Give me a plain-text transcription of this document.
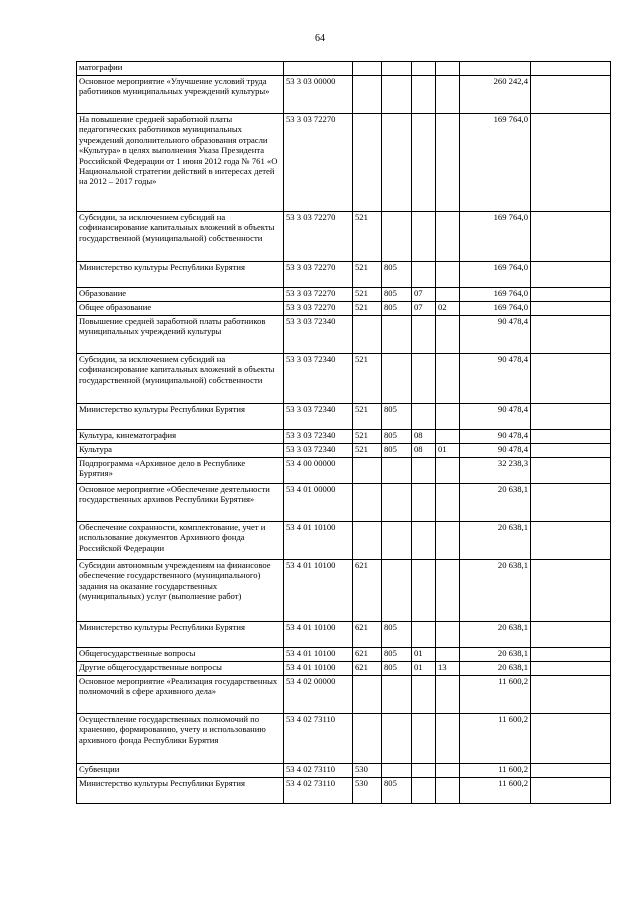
64
матографии							
Основное мероприятие «Улучшение условий труда работников муниципальных учреждений культуры»	53 3 03 00000					260 242,4	
На повышение средней заработной платы педагогических работников муниципальных учреждений дополнительного образования отрасли «Культура» в целях выполнения Указа Президента Российской Федерации от 1 июня 2012 года № 761 «О Национальной стратегии действий в интересах детей на 2012 – 2017 годы»	53 3 03 72270					169 764,0	
Субсидии, за исключением субсидий на софинансирование капитальных вложений в объекты государственной (муниципальной) собственности	53 3 03 72270	521				169 764,0	
Министерство культуры Республики Бурятия	53 3 03 72270	521	805			169 764,0	
Образование	53 3 03 72270	521	805	07		169 764,0	
Общее образование	53 3 03 72270	521	805	07	02	169 764,0	
Повышение средней заработной платы работников муниципальных учреждений культуры	53 3 03 72340					90 478,4	
Субсидии, за исключением субсидий на софинансирование капитальных вложений в объекты государственной (муниципальной) собственности	53 3 03 72340	521				90 478,4	
Министерство культуры Республики Бурятия	53 3 03 72340	521	805			90 478,4	
Культура, кинематография	53 3 03 72340	521	805	08		90 478,4	
Культура	53 3 03 72340	521	805	08	01	90 478,4	
Подпрограмма «Архивное дело в Республике Бурятия»	53 4 00 00000					32 238,3	
Основное мероприятие «Обеспечение деятельности государственных архивов Республики Бурятия»	53 4 01 00000					20 638,1	
Обеспечение сохранности, комплектование, учет и использование документов Архивного фонда Российской Федерации	53 4 01 10100					20 638,1	
Субсидии автономным учреждениям на финансовое обеспечение государственного (муниципального) задания на оказание государственных (муниципальных) услуг (выполнение работ)	53 4 01 10100	621				20 638,1	
Министерство культуры Республики Бурятия	53 4 01 10100	621	805			20 638,1	
Общегосударственные вопросы	53 4 01 10100	621	805	01		20 638,1	
Другие общегосударственные вопросы	53 4 01 10100	621	805	01	13	20 638,1	
Основное мероприятие «Реализация государственных полномочий в сфере архивного дела»	53 4 02 00000					11 600,2	
Осуществление государственных полномочий по хранению, формированию, учету и использованию архивного фонда Республики Бурятия	53 4 02 73110					11 600,2	
Субвенции	53 4 02 73110	530				11 600,2	
Министерство культуры Республики Бурятия	53 4 02 73110	530	805			11 600,2	
